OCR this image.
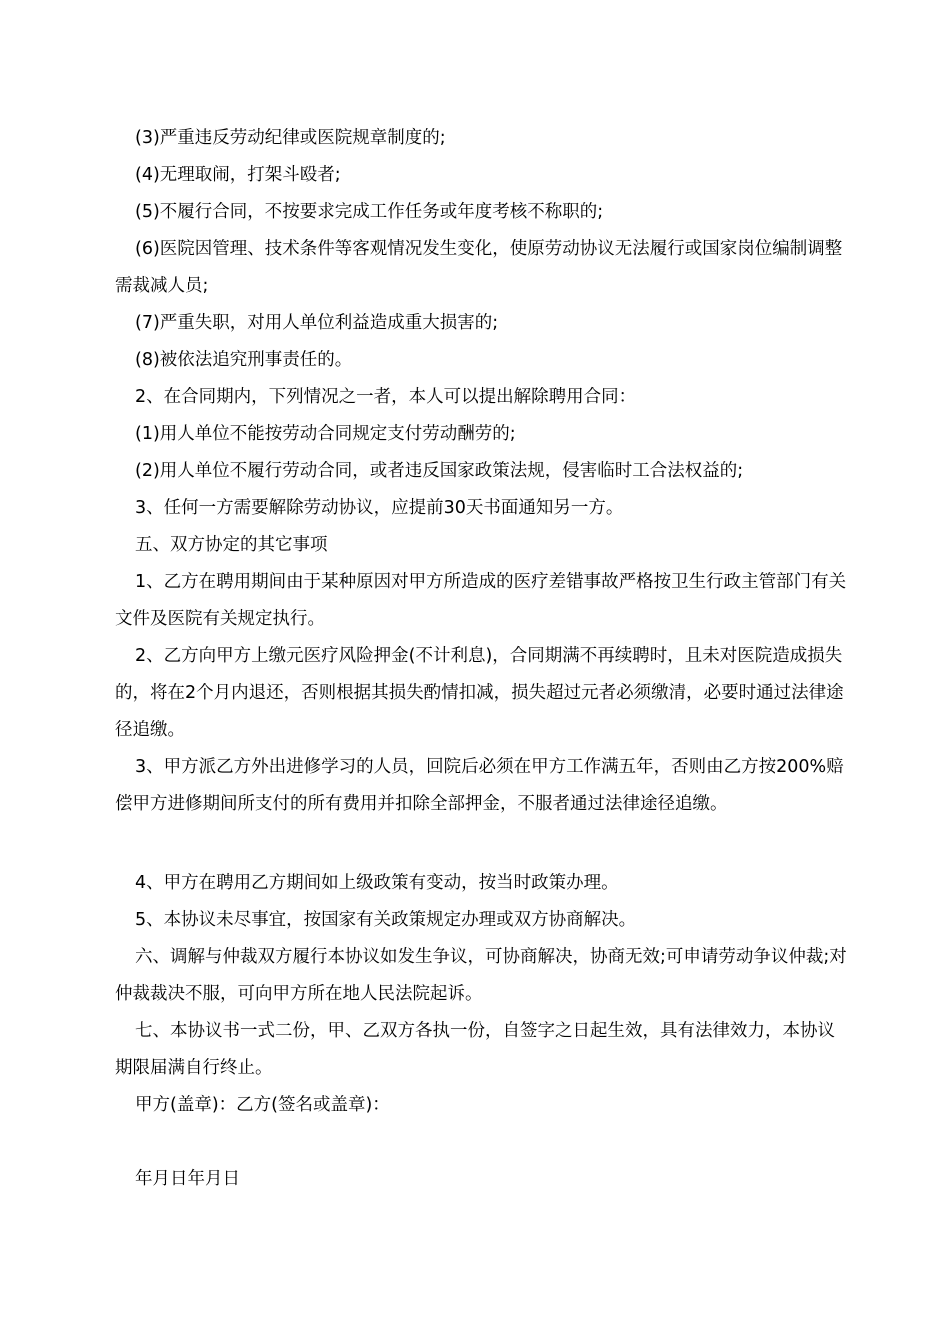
(3)严重违反劳动纪律或医院规章制度的;

(4)无理取闹，打架斗殴者;

(5)不履行合同，不按要求完成工作任务或年度考核不称职的;

(6)医院因管理、技术条件等客观情况发生变化，使原劳动协议无法履行或国家岗位编制调整需裁减人员;

(7)严重失职，对用人单位利益造成重大损害的;

(8)被依法追究刑事责任的。

2、在合同期内，下列情况之一者，本人可以提出解除聘用合同：

(1)用人单位不能按劳动合同规定支付劳动酬劳的;

(2)用人单位不履行劳动合同，或者违反国家政策法规，侵害临时工合法权益的;

3、任何一方需要解除劳动协议，应提前30天书面通知另一方。

五、双方协定的其它事项

1、乙方在聘用期间由于某种原因对甲方所造成的医疗差错事故严格按卫生行政主管部门有关文件及医院有关规定执行。

2、乙方向甲方上缴元医疗风险押金(不计利息)，合同期满不再续聘时，且未对医院造成损失的，将在2个月内退还，否则根据其损失酌情扣减，损失超过元者必须缴清，必要时通过法律途径追缴。

3、甲方派乙方外出进修学习的人员，回院后必须在甲方工作满五年，否则由乙方按200%赔偿甲方进修期间所支付的所有费用并扣除全部押金，不服者通过法律途径追缴。

4、甲方在聘用乙方期间如上级政策有变动，按当时政策办理。

5、本协议未尽事宜，按国家有关政策规定办理或双方协商解决。

六、调解与仲裁双方履行本协议如发生争议，可协商解决，协商无效;可申请劳动争议仲裁;对仲裁裁决不服，可向甲方所在地人民法院起诉。

七、本协议书一式二份，甲、乙双方各执一份，自签字之日起生效，具有法律效力，本协议期限届满自行终止。

甲方(盖章)：乙方(签名或盖章)：

年月日年月日
